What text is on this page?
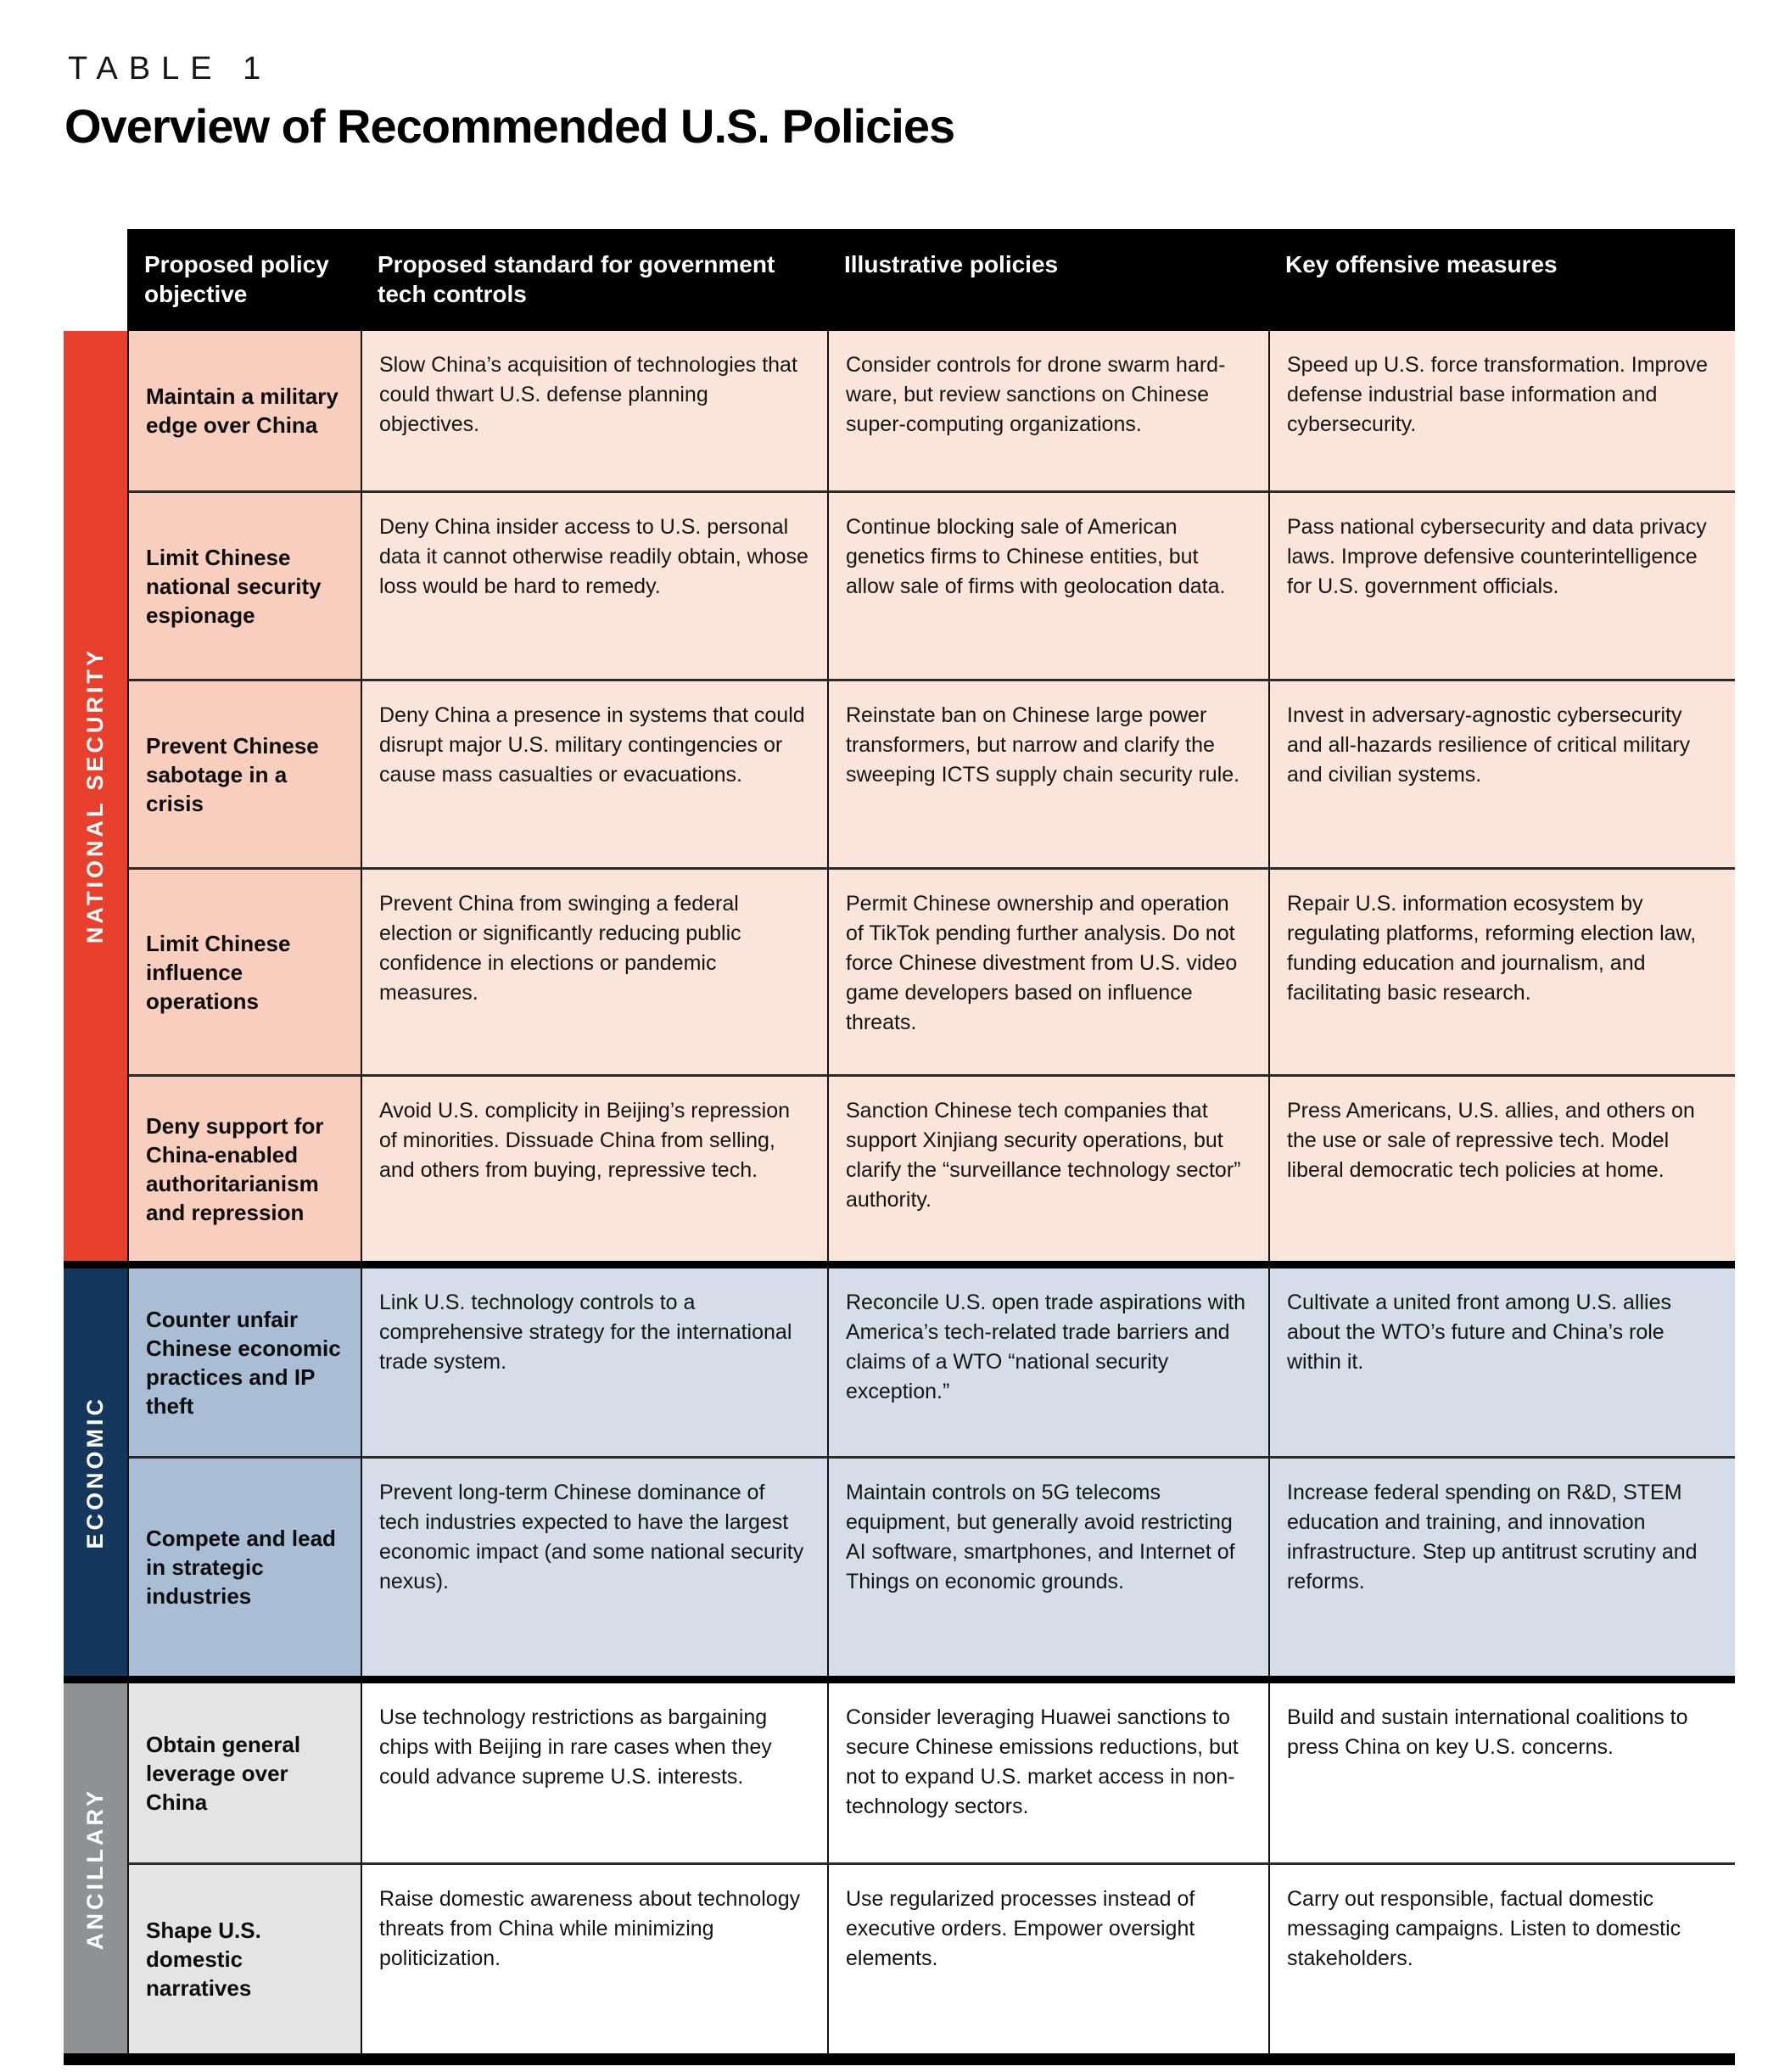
TABLE 1
Overview of Recommended U.S. Policies
Proposed policy objective
Proposed standard for government tech controls
Illustrative policies	Key offensive measures
NATIONAL SECURITY
ECONOMIC
ANCILLARY
Maintain a military edge over China
Slow China’s acquisition of technologies that could thwart U.S. defense planning objectives.
Consider controls for drone swarm hardware, but review sanctions on Chinese super-computing organizations.
Speed up U.S. force transformation. Improve defense industrial base information and cybersecurity.
Limit Chinese national security espionage
Deny China insider access to U.S. personal data it cannot otherwise readily obtain, whose loss would be hard to remedy.
Continue blocking sale of American genetics firms to Chinese entities, but allow sale of firms with geolocation data.
Pass national cybersecurity and data privacy laws. Improve defensive counterintelligence for U.S. government officials.
Prevent Chinese sabotage in a crisis
Deny China a presence in systems that could disrupt major U.S. military contingencies or cause mass casualties or evacuations.
Reinstate ban on Chinese large power transformers, but narrow and clarify the sweeping ICTS supply chain security rule.
Invest in adversary-agnostic cybersecurity and all-hazards resilience of critical military and civilian systems.
Limit Chinese influence operations
Prevent China from swinging a federal election or significantly reducing public confidence in elections or pandemic measures.
Permit Chinese ownership and operation of TikTok pending further analysis. Do not force Chinese divestment from U.S. video game developers based on influence threats.
Repair U.S. information ecosystem by regulating platforms, reforming election law, funding education and journalism, and facilitating basic research.
Deny support for China-enabled authoritarianism and repression
Avoid U.S. complicity in Beijing’s repression of minorities. Dissuade China from selling, and others from buying, repressive tech.
Sanction Chinese tech companies that support Xinjiang security operations, but clarify the “surveillance technology sector” authority.
Press Americans, U.S. allies, and others on the use or sale of repressive tech. Model liberal democratic tech policies at home.
Counter unfair Chinese economic practices and IP theft
Link U.S. technology controls to a comprehensive strategy for the international trade system.
Reconcile U.S. open trade aspirations with America’s tech-related trade barriers and claims of a WTO “national security exception.”
Cultivate a united front among U.S. allies about the WTO’s future and China’s role within it.
Compete and lead in strategic industries
Prevent long-term Chinese dominance of tech industries expected to have the largest economic impact (and some national security nexus).
Maintain controls on 5G telecoms equipment, but generally avoid restricting AI software, smartphones, and Internet of Things on economic grounds.
Increase federal spending on R&D, STEM education and training, and innovation infrastructure. Step up antitrust scrutiny and reforms.
Obtain general leverage over China
Use technology restrictions as bargaining chips with Beijing in rare cases when they could advance supreme U.S. interests.
Consider leveraging Huawei sanctions to secure Chinese emissions reductions, but not to expand U.S. market access in non-technology sectors.
Build and sustain international coalitions to press China on key U.S. concerns.
Shape U.S. domestic narratives
Raise domestic awareness about technology threats from China while minimizing politicization.
Use regularized processes instead of executive orders. Empower oversight elements.
Carry out responsible, factual domestic messaging campaigns. Listen to domestic stakeholders.
